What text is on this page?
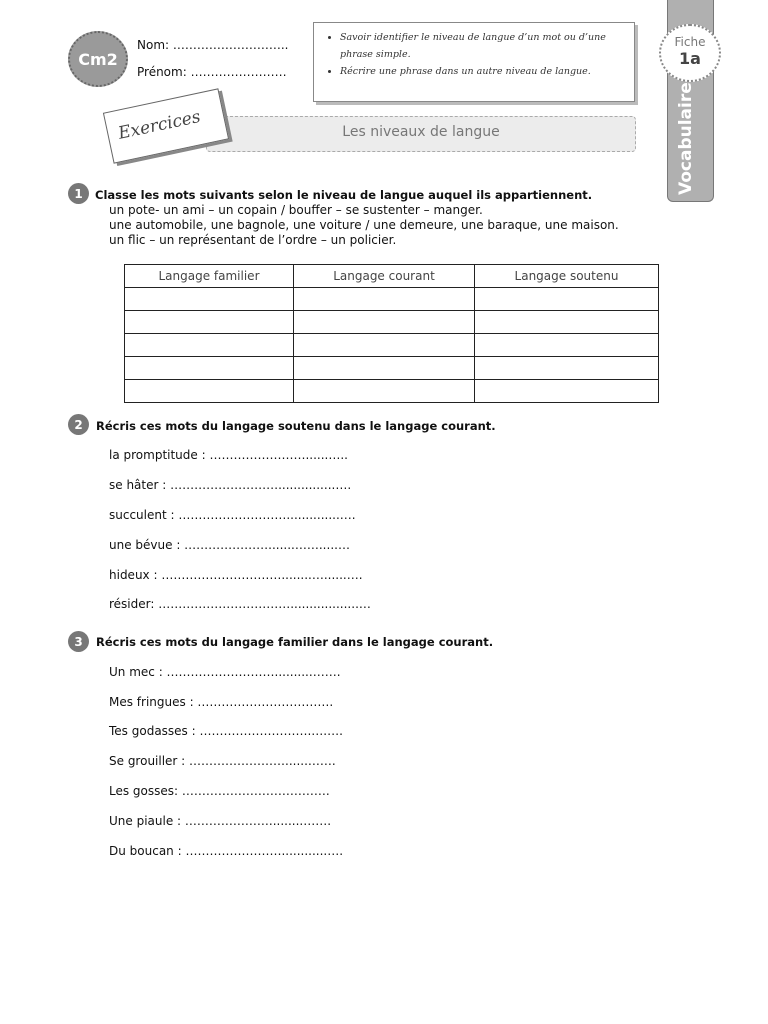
Cm2
Nom: ………………………..
Prénom: ……………………
• Savoir identifier le niveau de langue d’un mot ou d’une phrase simple.
• Récrire une phrase dans un autre niveau de langue.
Fiche
1a
Vocabulaire
Les niveaux de langue
Exercices
1	Classe les mots suivants selon le niveau de langue auquel ils appartiennent.
un pote- un ami – un copain / bouffer – se sustenter – manger.
une automobile, une bagnole, une voiture / une demeure, une baraque, une maison.
un flic – un représentant de l’ordre – un policier.
Langage familier	Langage courant	Langage soutenu

2	Récris ces mots du langage soutenu dans le langage courant.
la promptitude : ……………………......…..
se hâter : ………………………...............….
succulent : ………………………..............….
une bévue : ………………….......…….....…
hideux : …………………………........…......….
résider: ……………………………..................…
3	Récris ces mots du langage familier dans le langage courant.
Un mec : ………………………..........…….
Mes fringues : …………………………….
Tes godasses : ……………………….….….
Se grouiller : ……………………......…….
Les gosses: ……………………………….
Une piaule : ………………….........…….
Du boucan : ……………………............….
